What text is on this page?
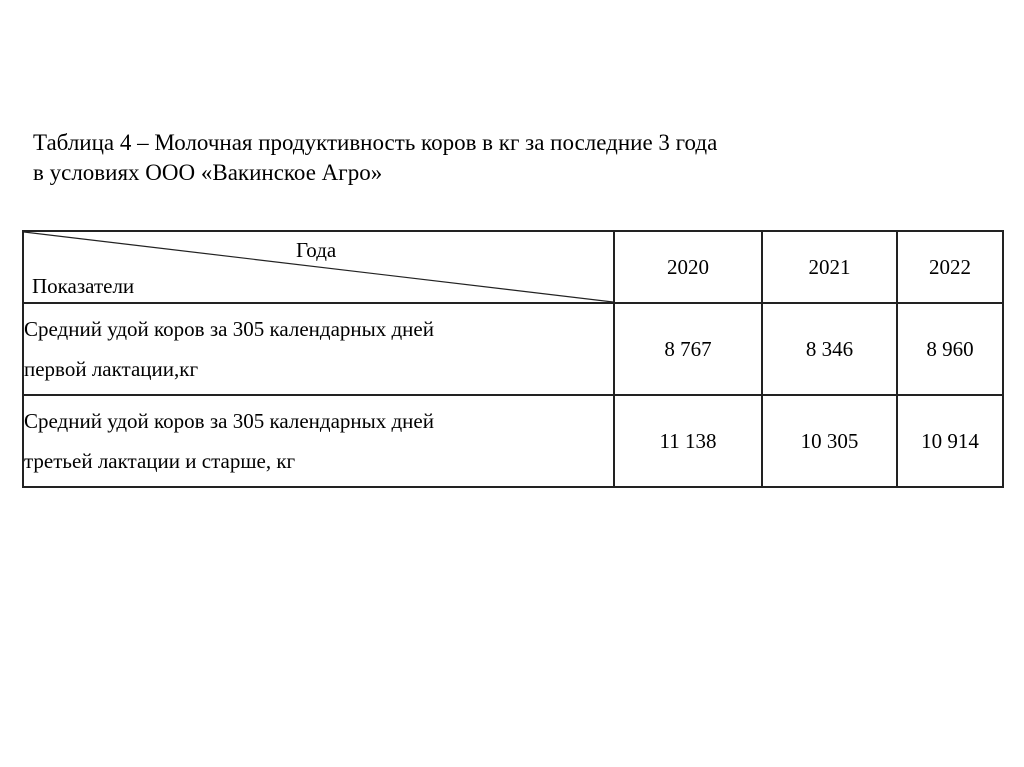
Таблица 4 – Молочная продуктивность коров в кг за последние 3 года
в условиях ООО «Вакинское Агро»
Года
Показатели	2020	2021	2022

Средний удой коров за 305 календарных дней
первой лактации,кг	8 767	8 346	8 960

Средний удой коров за 305 календарных дней
третьей лактации и старше, кг	11 138	10 305	10 914
